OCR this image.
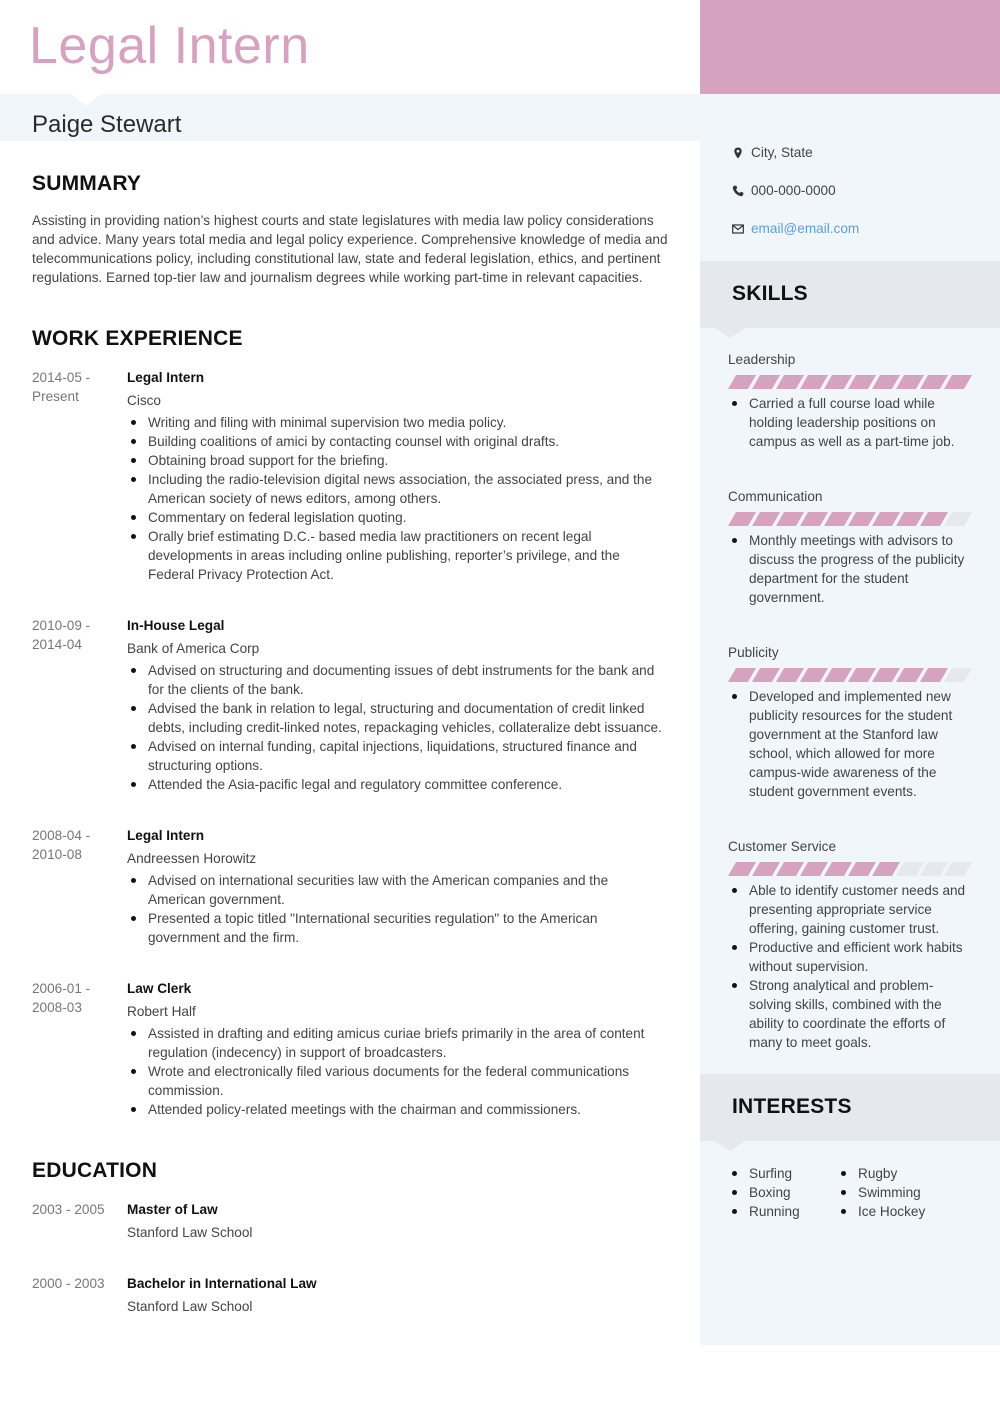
Legal Intern
Paige Stewart
SUMMARY

Assisting in providing nation’s highest courts and state legislatures with media law policy considerations and advice. Many years total media and legal policy experience. Comprehensive knowledge of media and telecommunications policy, including constitutional law, state and federal legislation, ethics, and pertinent regulations. Earned top-tier law and journalism degrees while working part-time in relevant capacities.

WORK EXPERIENCE
2014-05 -
Present
Legal Intern
Cisco
Writing and filing with minimal supervision two media policy.
Building coalitions of amici by contacting counsel with original drafts.
Obtaining broad support for the briefing.
Including the radio-television digital news association, the associated press, and the American society of news editors, among others.
Commentary on federal legislation quoting.
Orally brief estimating D.C.- based media law practitioners on recent legal developments in areas including online publishing, reporter’s privilege, and the Federal Privacy Protection Act.
2010-09 -
2014-04
In-House Legal
Bank of America Corp
Advised on structuring and documenting issues of debt instruments for the bank and for the clients of the bank.
Advised the bank in relation to legal, structuring and documentation of credit linked debts, including credit-linked notes, repackaging vehicles, collateralize debt issuance.
Advised on internal funding, capital injections, liquidations, structured finance and structuring options.
Attended the Asia-pacific legal and regulatory committee conference.
2008-04 -
2010-08
Legal Intern
Andreessen Horowitz
Advised on international securities law with the American companies and the American government.
Presented a topic titled "International securities regulation" to the American government and the firm.
2006-01 -
2008-03
Law Clerk
Robert Half
Assisted in drafting and editing amicus curiae briefs primarily in the area of content regulation (indecency) in support of broadcasters.
Wrote and electronically filed various documents for the federal communications commission.
Attended policy-related meetings with the chairman and commissioners.
EDUCATION
2003 - 2005	Master of Law
Stanford Law School
2000 - 2003	Bachelor in International Law
Stanford Law School
City, State
000-000-0000
email@email.com
SKILLS
Leadership
Carried a full course load while holding leadership positions on campus as well as a part-time job.
Communication
Monthly meetings with advisors to discuss the progress of the publicity department for the student government.
Publicity
Developed and implemented new publicity resources for the student government at the Stanford law school, which allowed for more campus-wide awareness of the student government events.
Customer Service
Able to identify customer needs and presenting appropriate service offering, gaining customer trust.
Productive and efficient work habits without supervision.
Strong analytical and problem-solving skills, combined with the ability to coordinate the efforts of many to meet goals.
INTERESTS
Surfing
Boxing
Running
Rugby
Swimming
Ice Hockey
